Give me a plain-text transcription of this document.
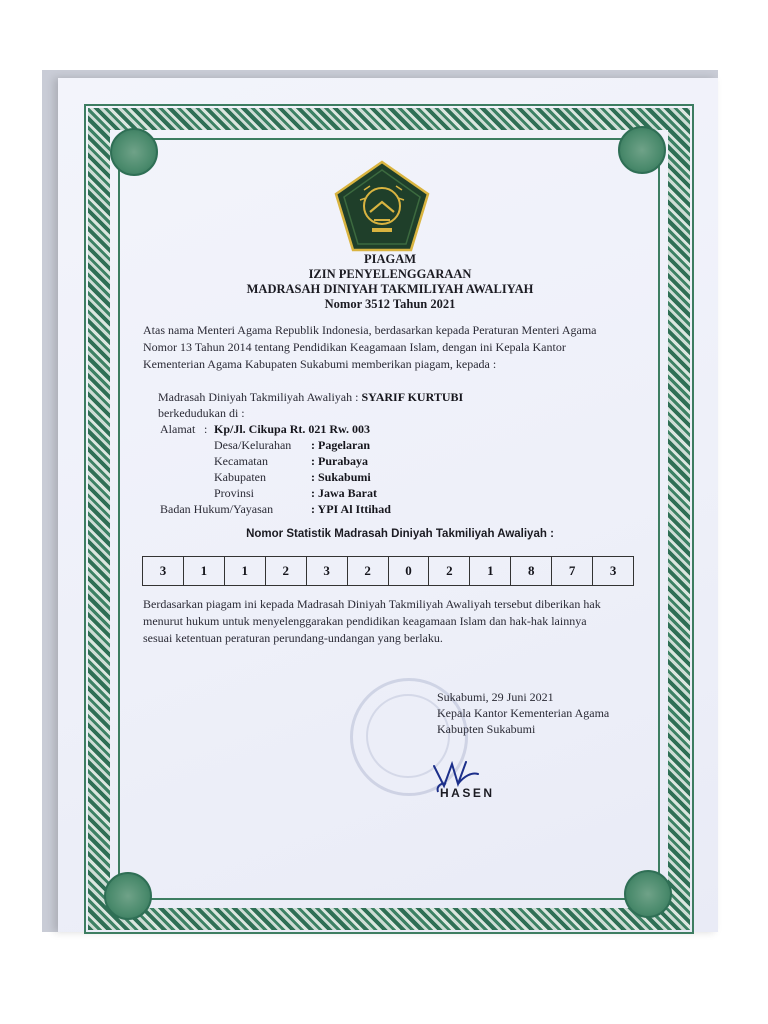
PIAGAM
IZIN PENYELENGGARAAN
MADRASAH DINIYAH TAKMILIYAH AWALIYAH
Nomor 3512 Tahun 2021
Atas nama Menteri Agama Republik Indonesia, berdasarkan kepada Peraturan Menteri Agama
Nomor 13 Tahun 2014 tentang Pendidikan Keagamaan Islam, dengan ini Kepala Kantor
Kementerian Agama Kabupaten Sukabumi memberikan piagam, kepada :
Madrasah Diniyah Takmiliyah Awaliyah : SYARIF KURTUBI
berkedudukan di :
Alamat : Kp/Jl. Cikupa Rt. 021 Rw. 003
Desa/Kelurahan : Pagelaran
Kecamatan	: Purabaya
Kabupaten	: Sukabumi
Provinsi	: Jawa Barat
Badan Hukum/Yayasan	: YPI Al Ittihad
Nomor Statistik Madrasah Diniyah Takmiliyah Awaliyah :
3	1	1	2	3	2	0	2	1	8	7	3
Berdasarkan piagam ini kepada Madrasah Diniyah Takmiliyah Awaliyah tersebut diberikan hak
menurut hukum untuk menyelenggarakan pendidikan keagamaan Islam dan hak-hak lainnya
sesuai ketentuan peraturan perundang-undangan yang berlaku.
Sukabumi, 29 Juni 2021
Kepala Kantor Kementerian Agama
Kabupten Sukabumi
HASEN
